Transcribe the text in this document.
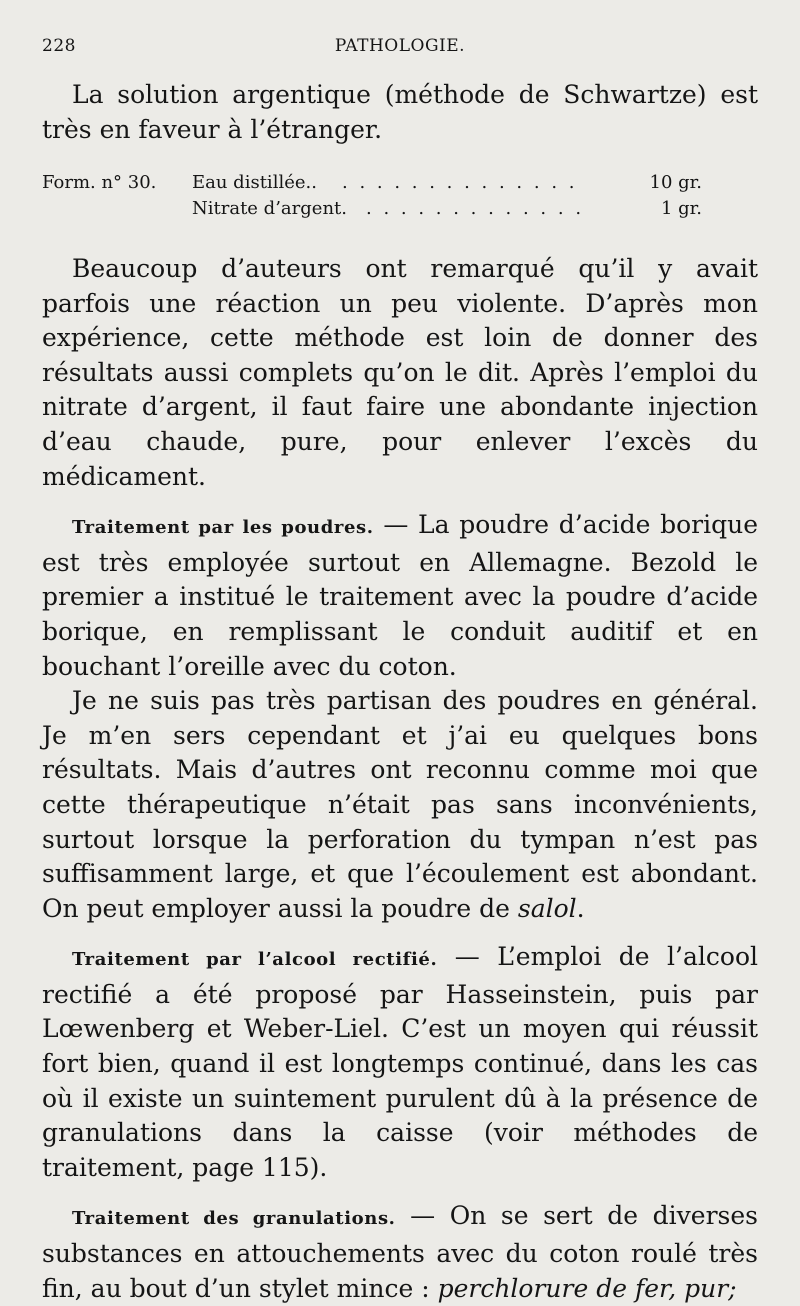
228	PATHOLOGIE.

La solution argentique (méthode de Schwartze) est très en faveur à l’étranger.

Form. n° 30. Eau distillée.. . . . . . . . . . . . . . .	10 gr.
Nitrate d’argent. . . . . . . . . . . . . .	1 gr.

Beaucoup d’auteurs ont remarqué qu’il y avait parfois une réaction un peu violente. D’après mon expérience, cette méthode est loin de donner des résultats aussi complets qu’on le dit. Après l’emploi du nitrate d’argent, il faut faire une abondante injection d’eau chaude, pure, pour enlever l’excès du médicament.

Traitement par les poudres. — La poudre d’acide borique est très employée surtout en Allemagne. Bezold le premier a institué le traitement avec la poudre d’acide borique, en remplissant le conduit auditif et en bouchant l’oreille avec du coton.

Je ne suis pas très partisan des poudres en général. Je m’en sers cependant et j’ai eu quelques bons résultats. Mais d’autres ont reconnu comme moi que cette thérapeutique n’était pas sans inconvénients, surtout lorsque la perforation du tympan n’est pas suffisamment large, et que l’écoulement est abondant. On peut employer aussi la poudre de salol.

Traitement par l’alcool rectifié. — L’emploi de l’alcool rectifié a été proposé par Hasseinstein, puis par Lœwenberg et Weber-Liel. C’est un moyen qui réussit fort bien, quand il est longtemps continué, dans les cas où il existe un suintement purulent dû à la présence de granulations dans la caisse (voir méthodes de traitement, page 115).

Traitement des granulations. — On se sert de diverses substances en attouchements avec du coton roulé très fin, au bout d’un stylet mince : perchlorure de fer, pur;
